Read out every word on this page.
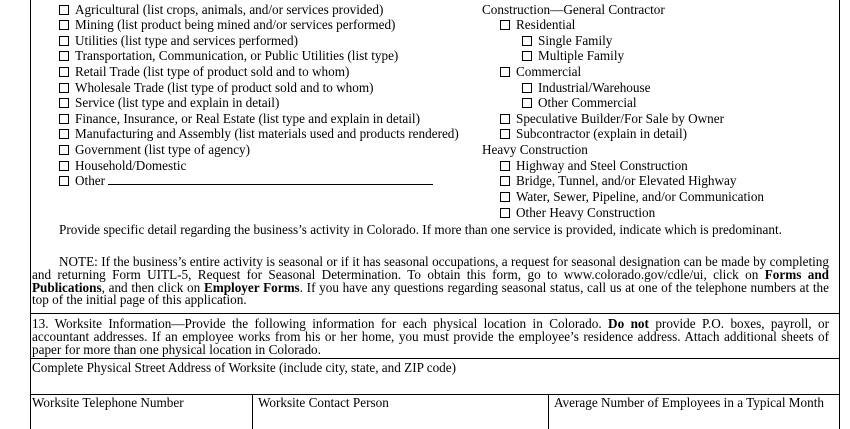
Agricultural (list crops, animals, and/or services provided)
Mining (list product being mined and/or services performed)
Utilities (list type and services performed)
Transportation, Communication, or Public Utilities (list type)
Retail Trade (list type of product sold and to whom)
Wholesale Trade (list type of product sold and to whom)
Service (list type and explain in detail)
Finance, Insurance, or Real Estate (list type and explain in detail)
Manufacturing and Assembly (list materials used and products rendered)
Government (list type of agency)
Household/Domestic
Other
Construction—General Contractor
Residential
Single Family
Multiple Family
Commercial
Industrial/Warehouse
Other Commercial
Speculative Builder/For Sale by Owner
Subcontractor (explain in detail)
Heavy Construction
Highway and Steel Construction
Bridge, Tunnel, and/or Elevated Highway
Water, Sewer, Pipeline, and/or Communication
Other Heavy Construction
Provide specific detail regarding the business’s activity in Colorado. If more than one service is provided, indicate which is predominant.
NOTE: If the business’s entire activity is seasonal or if it has seasonal occupations, a request for seasonal designation can be made by completing and returning Form UITL-5, Request for Seasonal Determination. To obtain this form, go to www.colorado.gov/cdle/ui, click on Forms and Publications, and then click on Employer Forms. If you have any questions regarding seasonal status, call us at one of the telephone numbers at the top of the initial page of this application.
13. Worksite Information—Provide the following information for each physical location in Colorado. Do not provide P.O. boxes, payroll, or accountant addresses. If an employee works from his or her home, you must provide the employee’s residence address. Attach additional sheets of paper for more than one physical location in Colorado.
Complete Physical Street Address of Worksite (include city, state, and ZIP code)
Worksite Telephone Number	Worksite Contact Person	Average Number of Employees in a Typical Month
